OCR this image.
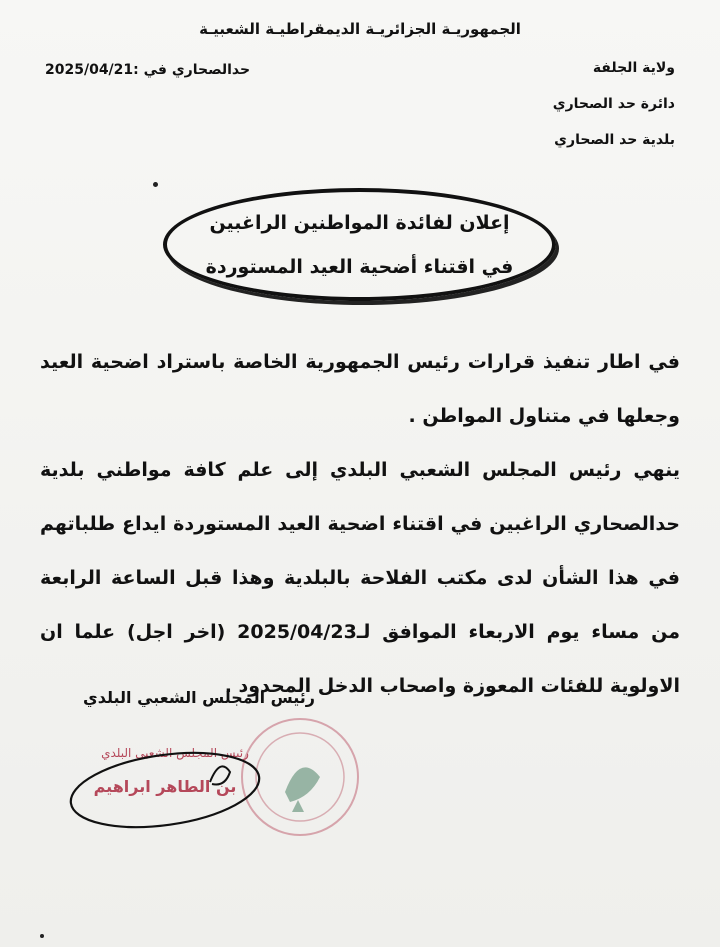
الجمهوريـة الجزائريـة الديمقراطيـة الشعبيـة
ولاية الجلفة
دائرة حد الصحاري
بلدية حد الصحاري
حدالصحاري في :2025/04/21
إعلان لفائدة المواطنين الراغبين
في اقتناء أضحية العيد المستوردة

في اطار تنفيذ قرارات رئيس الجمهورية الخاصة باستراد اضحية العيد وجعلها في متناول المواطن .

ينهي رئيس المجلس الشعبي البلدي إلى علم كافة مواطني بلدية حدالصحاري الراغبين في اقتناء اضحية العيد المستوردة ايداع طلباتهم في هذا الشأن لدى مكتب الفلاحة بالبلدية وهذا قبل الساعة الرابعة من مساء يوم الاربعاء الموافق لـ2025/04/23 (اخر اجل) علما ان الاولوية للفئات المعوزة واصحاب الدخل المحدود .

رئيس المجلس الشعبي البلدي
رئيس المجلس الشعبي البلدي
بن الطاهر ابراهيم
